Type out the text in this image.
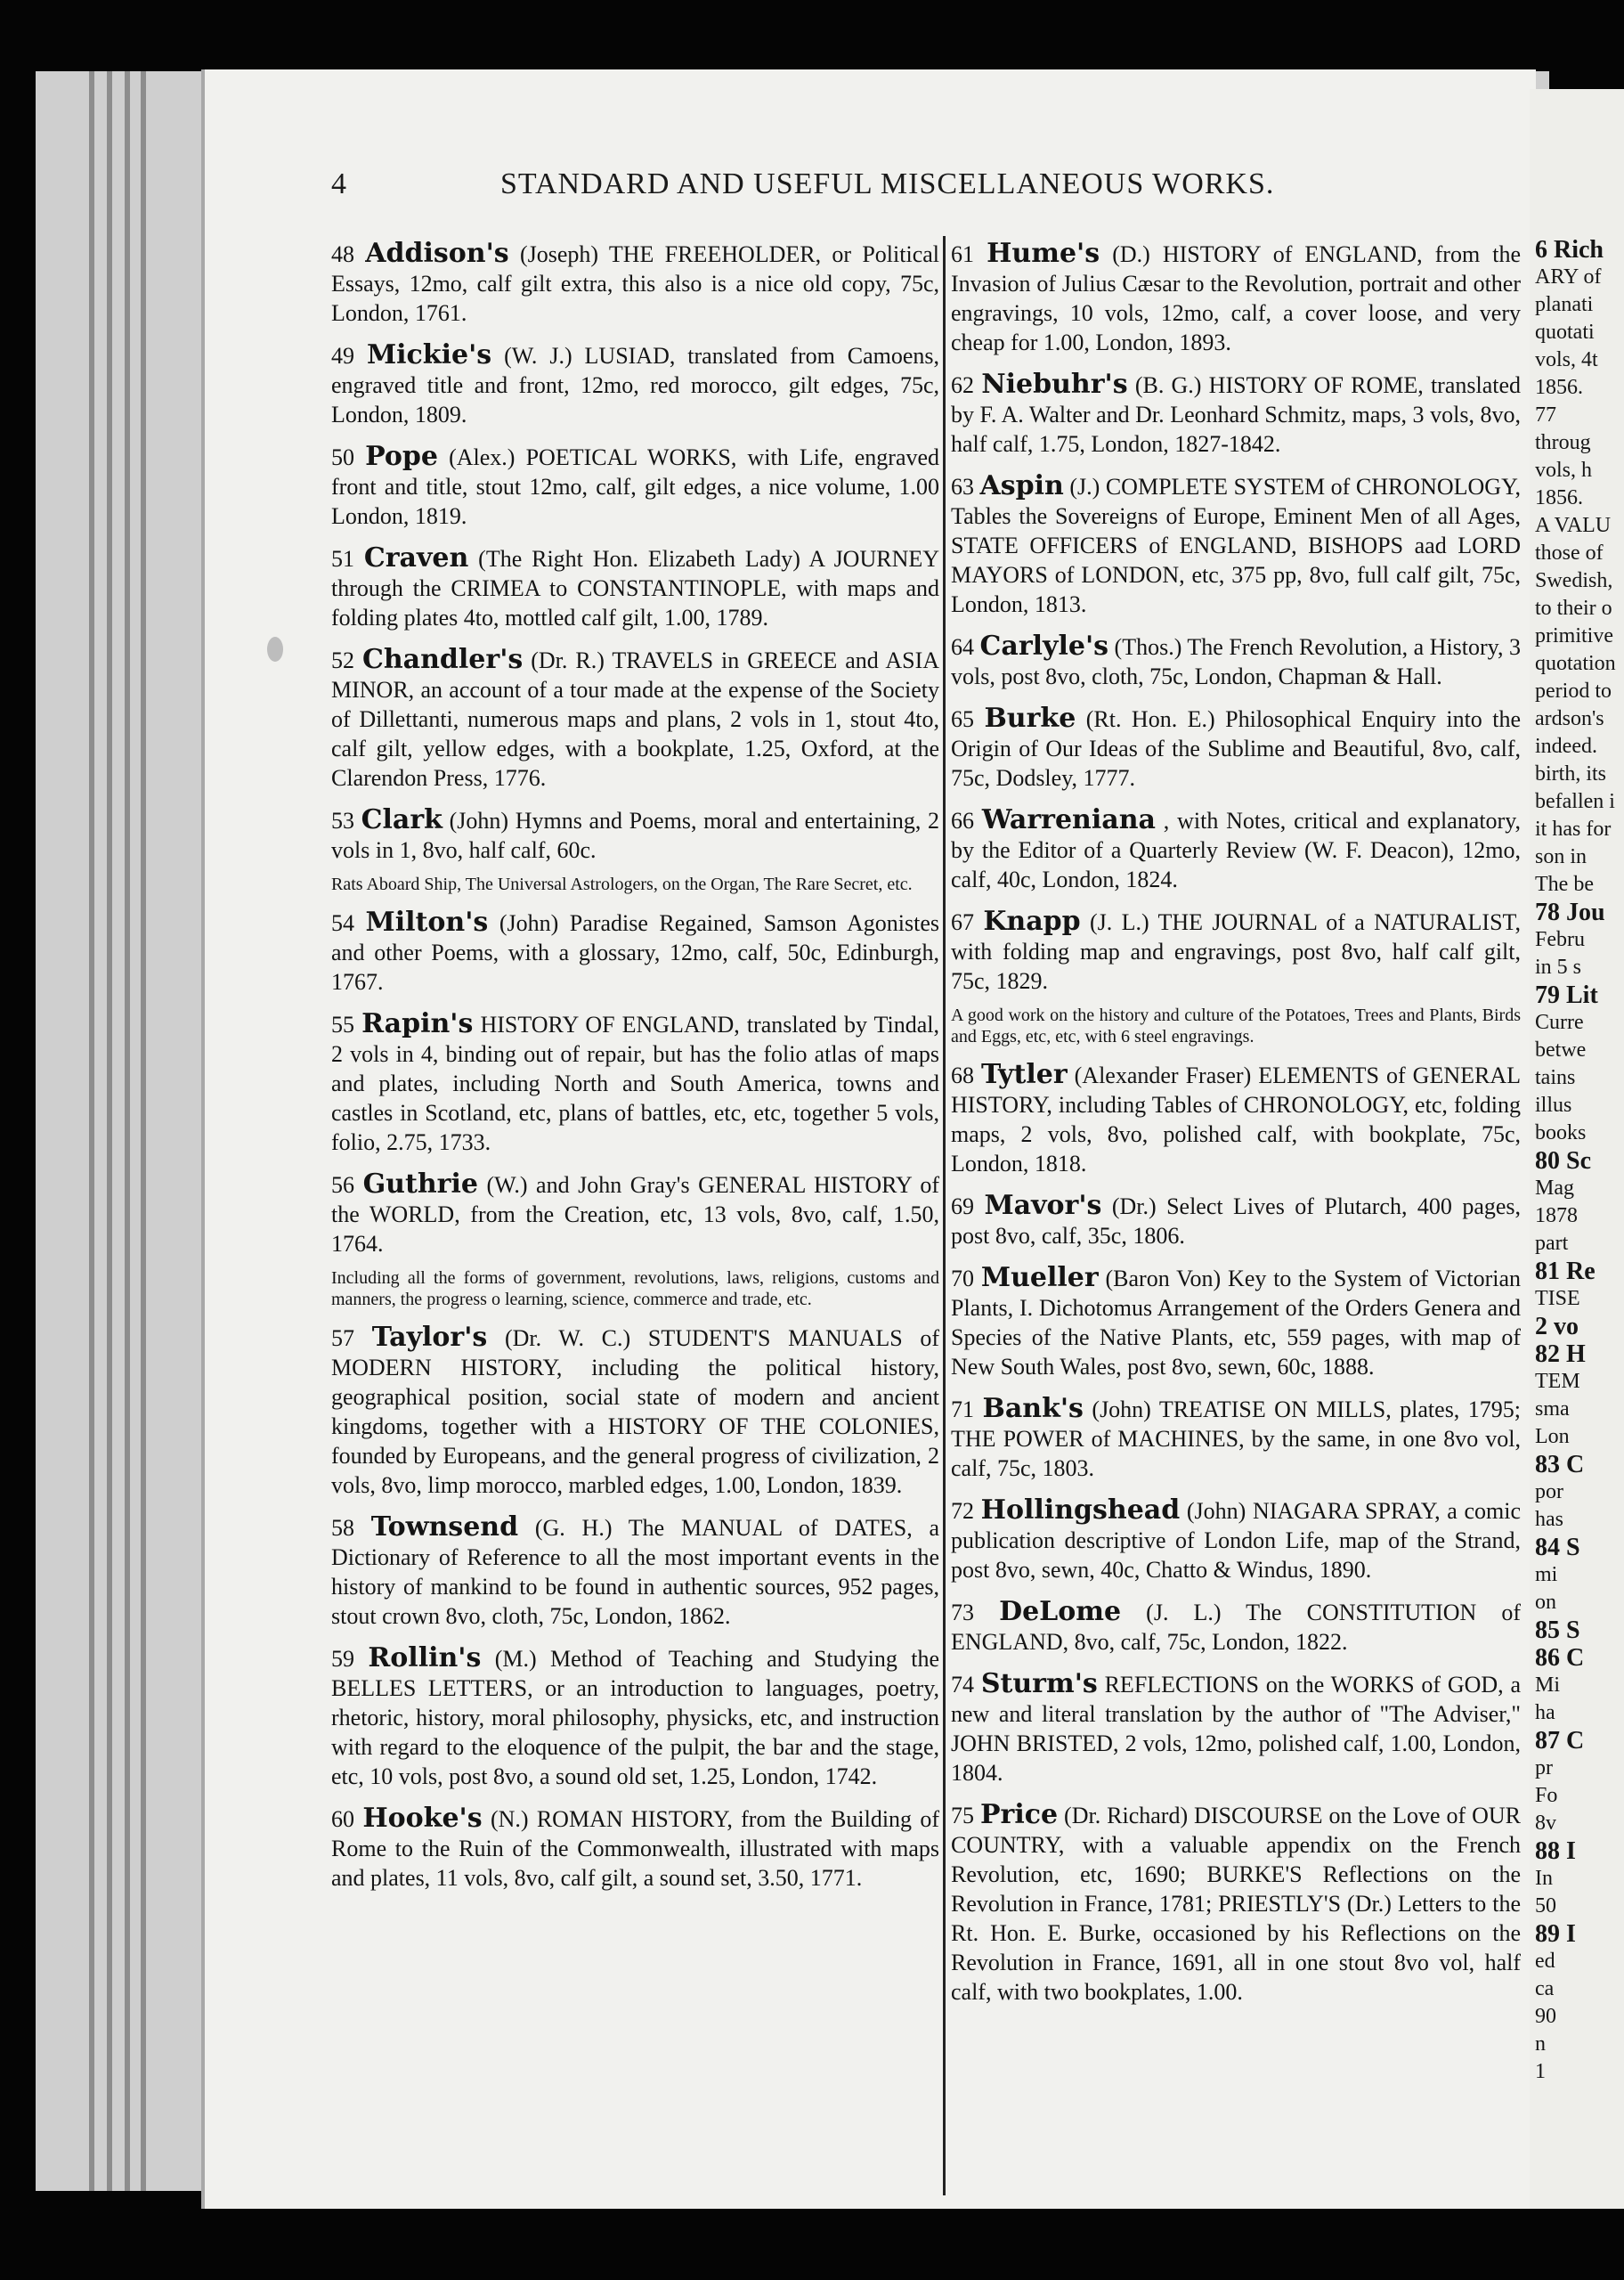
4	STANDARD AND USEFUL MISCELLANEOUS WORKS.
48 Addison's (Joseph) THE FREEHOLDER, or Political Essays, 12mo, calf gilt extra, this also is a nice old copy, 75c, London, 1761.
49 Mickie's (W. J.) LUSIAD, translated from Camoens, engraved title and front, 12mo, red morocco, gilt edges, 75c, London, 1809.
50 Pope (Alex.) POETICAL WORKS, with Life, engraved front and title, stout 12mo, calf, gilt edges, a nice volume, 1.00 London, 1819.
51 Craven (The Right Hon. Elizabeth Lady) A JOURNEY through the CRIMEA to CONSTANTINOPLE, with maps and folding plates 4to, mottled calf gilt, 1.00, 1789.
52 Chandler's (Dr. R.) TRAVELS in GREECE and ASIA MINOR, an account of a tour made at the expense of the Society of Dillettanti, numerous maps and plans, 2 vols in 1, stout 4to, calf gilt, yellow edges, with a bookplate, 1.25, Oxford, at the Clarendon Press, 1776.
53 Clark (John) Hymns and Poems, moral and entertaining, 2 vols in 1, 8vo, half calf, 60c.
Rats Aboard Ship, The Universal Astrologers, on the Organ, The Rare Secret, etc.
54 Milton's (John) Paradise Regained, Samson Agonistes and other Poems, with a glossary, 12mo, calf, 50c, Edinburgh, 1767.
55 Rapin's HISTORY OF ENGLAND, translated by Tindal, 2 vols in 4, binding out of repair, but has the folio atlas of maps and plates, including North and South America, towns and castles in Scotland, etc, plans of battles, etc, etc, together 5 vols, folio, 2.75, 1733.
56 Guthrie (W.) and John Gray's GENERAL HISTORY of the WORLD, from the Creation, etc, 13 vols, 8vo, calf, 1.50, 1764.
Including all the forms of government, revolutions, laws, religions, customs and manners, the progress o learning, science, commerce and trade, etc.
57 Taylor's (Dr. W. C.) STUDENT'S MANUALS of MODERN HISTORY, including the political history, geographical position, social state of modern and ancient kingdoms, together with a HISTORY OF THE COLONIES, founded by Europeans, and the general progress of civilization, 2 vols, 8vo, limp morocco, marbled edges, 1.00, London, 1839.
58 Townsend (G. H.) The MANUAL of DATES, a Dictionary of Reference to all the most important events in the history of mankind to be found in authentic sources, 952 pages, stout crown 8vo, cloth, 75c, London, 1862.
59 Rollin's (M.) Method of Teaching and Studying the BELLES LETTERS, or an introduction to languages, poetry, rhetoric, history, moral philosophy, physicks, etc, and instruction with regard to the eloquence of the pulpit, the bar and the stage, etc, 10 vols, post 8vo, a sound old set, 1.25, London, 1742.
60 Hooke's (N.) ROMAN HISTORY, from the Building of Rome to the Ruin of the Commonwealth, illustrated with maps and plates, 11 vols, 8vo, calf gilt, a sound set, 3.50, 1771.
61 Hume's (D.) HISTORY of ENGLAND, from the Invasion of Julius Cæsar to the Revolution, portrait and other engravings, 10 vols, 12mo, calf, a cover loose, and very cheap for 1.00, London, 1893.
62 Niebuhr's (B. G.) HISTORY OF ROME, translated by F. A. Walter and Dr. Leonhard Schmitz, maps, 3 vols, 8vo, half calf, 1.75, London, 1827-1842.
63 Aspin (J.) COMPLETE SYSTEM of CHRONOLOGY, Tables the Sovereigns of Europe, Eminent Men of all Ages, STATE OFFICERS of ENGLAND, BISHOPS aad LORD MAYORS of LONDON, etc, 375 pp, 8vo, full calf gilt, 75c, London, 1813.
64 Carlyle's (Thos.) The French Revolution, a History, 3 vols, post 8vo, cloth, 75c, London, Chapman & Hall.
65 Burke (Rt. Hon. E.) Philosophical Enquiry into the Origin of Our Ideas of the Sublime and Beautiful, 8vo, calf, 75c, Dodsley, 1777.
66 Warreniana , with Notes, critical and explanatory, by the Editor of a Quarterly Review (W. F. Deacon), 12mo, calf, 40c, London, 1824.
67 Knapp (J. L.) THE JOURNAL of a NATURALIST, with folding map and engravings, post 8vo, half calf gilt, 75c, 1829.
A good work on the history and culture of the Potatoes, Trees and Plants, Birds and Eggs, etc, etc, with 6 steel engravings.
68 Tytler (Alexander Fraser) ELEMENTS of GENERAL HISTORY, including Tables of CHRONOLOGY, etc, folding maps, 2 vols, 8vo, polished calf, with bookplate, 75c, London, 1818.
69 Mavor's (Dr.) Select Lives of Plutarch, 400 pages, post 8vo, calf, 35c, 1806.
70 Mueller (Baron Von) Key to the System of Victorian Plants, I. Dichotomus Arrangement of the Orders Genera and Species of the Native Plants, etc, 559 pages, with map of New South Wales, post 8vo, sewn, 60c, 1888.
71 Bank's (John) TREATISE ON MILLS, plates, 1795; THE POWER of MACHINES, by the same, in one 8vo vol, calf, 75c, 1803.
72 Hollingshead (John) NIAGARA SPRAY, a comic publication descriptive of London Life, map of the Strand, post 8vo, sewn, 40c, Chatto & Windus, 1890.
73 DeLome (J. L.) The CONSTITUTION of ENGLAND, 8vo, calf, 75c, London, 1822.
74 Sturm's REFLECTIONS on the WORKS of GOD, a new and literal translation by the author of "The Adviser," JOHN BRISTED, 2 vols, 12mo, polished calf, 1.00, London, 1804.
75 Price (Dr. Richard) DISCOURSE on the Love of OUR COUNTRY, with a valuable appendix on the French Revolution, etc, 1690; BURKE'S Reflections on the Revolution in France, 1781; PRIESTLY'S (Dr.) Letters to the Rt. Hon. E. Burke, occasioned by his Reflections on the Revolution in France, 1691, all in one stout 8vo vol, half calf, with two bookplates, 1.00.
6 Rich
ARY of
planati
quotati
vols, 4t
1856.
77
throug
vols, h
1856.
A VALU
those of
Swedish,
to their o
primitive
quotation
period to
ardson's
indeed.
birth, its
befallen i
it has for
son in
The be
78 Jou
Febru
in 5 s
79 Lit
Curre
betwe
tains
illus
books
80 Sc
Mag
1878
part
81 Re
TISE
2 vo
82 H
TEM
sma
Lon
83 C
por
has
84 S
mi
on
85 S
86 C
Mi
ha
87 C
pr
Fo
8v
88 I
In
50
89 I
ed
ca
90
n
1
